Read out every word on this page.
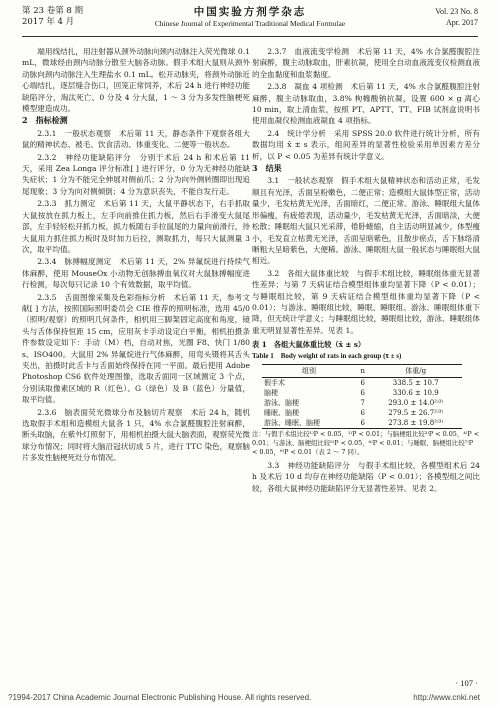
第 23 卷第 8 期
2017 年 4 月
中国实验方剂学杂志
Chinese Journal of Experimental Traditional Medical Formulae
Vol. 23 No. 8
Apr. 2017

端用线结扎，用注射器从颈外动脉向颈内动脉注入荧光微球 0.1 mL，微球经由颈内动脉分散至大脑各动脉。假手术组大鼠则从颈外动脉向颈内动脉注入生理盐水 0.1 mL。松开动脉夹，将颈外动脉近心端结扎，逐层缝合伤口，回笼正常饲养，术后 24 h 进行神经功能缺陷评分，淘汰死亡、0 分及 4 分大鼠，1 ～ 3 分为多发性脑梗死模型建造成功。

2　指标检测

2.3.1　一般状态观察　术后第 11 天，静态条件下观察各组大鼠的精神状态、被毛、饮食活动、体重变化、二便等一般状态。

2.3.2　神经功能缺陷评分　分别于术后 24 h 和术后第 11 天，采用 Zea Longa 评分标准[ ] 进行评分，0 分为无神经功能缺失症状；1 分为不能完全伸展对侧前爪；2 分为向外侧转圈即出现追尾现象；3 分为向对侧倾倒；4 分为意识丧失，不能自发行走。

2.3.3　抓力测定　术后第 11 天，大鼠平静状态下，右手抓取大鼠按放在抓力板上，左手向前推住抓力板，然后右手滑变大鼠尾部，左手轻轻松开抓力板，抓力板随右手拉鼠尾的力量向前滑行，待大鼠用力抓住抓力板时及时加力后拉，测取抓力，每只大鼠测量 3 次，取平均值。

2.3.4　脉搏幅度测定　术后第 11 天，2% 异氟烷进行持续气体麻醉，使用 MouseOx 小动物无创脉搏血氧仪对大鼠脉搏幅度进行检测，每次每只记录 10 个有效数据，取平均值。

2.3.5　舌面图像采集及色彩指标分析　术后第 11 天，参考文献[ ] 方法，按照国际照明委员会 CIE 推荐的照明标准，选用 45/0（照明/观察）的照明几何条件，相机用三脚架固定高度和角度，镜头与舌体保持恒距 15 cm，应用灰卡手动设定白平衡，相机拍摄条件参数设定如下：手动（M）档，自动对焦，光圈 F8、快门 1/80 s、ISO400。大鼠用 2% 异氟烷进行气体麻醉，用弯头镊将其舌头夹出，拍摄时此舌卡与舌面始终保持在同一平面。最后使用 Adobe Photoshop CS6 软件处理图像，选取舌面同一区域测定 3 个点，分别读取像素区域的 R（红色）、G（绿色）及 B（蓝色）分量值，取平均值。

2.3.6　脑表面荧光微球分布及脑切片观察　术后 24 h，随机选取假手术组和造模组大鼠各 1 只，4% 水合氯醛腹腔注射麻醉，断头取脑，在紫外灯照射下，用相机拍摄大鼠大脑表面，观察荧光微球分布情况；同时将大脑沿冠状切成 5 片，进行 TTC 染色，观察脑片多发性脑梗死灶分布情况。

2.3.7　血液流变学检测　术后第 11 天，4% 水合氯醛腹腔注射麻醉，腹主动脉取血，肝素抗凝，使用全自动血液流变仪检测血液的全血黏度和血浆黏度。

2.3.8　凝血 4 项检测　术后第 11 天，4% 水合氯醛腹腔注射麻醉，腹主动脉取血，3.8% 枸橼酸钠抗凝，设置 600 × g 离心 10 min，取上清血浆，按照 PT、APTT、TT、FIB 试剂盒说明书使用血凝仪检测血液凝血 4 项指标。

2.4　统计学分析　采用 SPSS 20.0 软件进行统计分析，所有数据均用 x̄ ± s 表示，组间差异的显著性检验采用单因素方差分析，以 P < 0.05 为差异有统计学意义。

3　结果

3.1　一般状态观察　假手术组大鼠精神状态和活动正常，毛发顺且有光泽，舌面呈粉嫩色，二便正常；造模组大鼠体型正常，活动量少，毛发枯黄无光泽，舌面暗红，二便正常。游泳、睡眠组大鼠体形偏瘦，有疲倦表现，活动量少，毛发枯黄无光泽，舌面暗淡，大便松散；睡眠组大鼠只光采滞，倦卧蜷缩，自主活动明显减少，体型瘦小，毛发直立枯黄无光泽，舌面呈暗紫色，且散步瘀点，舌下脉络清晰粗大呈暗紫色，大便稀。游泳、睡眠组大鼠一般状态与睡眠组大鼠相近。

3.2　各组大鼠体重比较　与假手术组比较，睡眠组体重无显著性差异；与第 7 天病证结合模型组体重均显著下降（P < 0.01）；与睡眠组比较，第 9 天病证结合模型组体重均显著下降（P < 0.01）；与游泳、睡眠组比较，睡眠、睡眠组、游泳、睡眠组体重下降，但无统计学意义；与睡眠组比较，睡眠组比较，游泳、睡眠组体重无明显显著性差异。见表 1。

表 1　各组大鼠体重比较（x̄ ± s）
Table 1　Body weight of rats in each group (x̄ ± s)
组别	n	体重/g
假手术	6	338.5 ± 10.7
脑梗	6	330.6 ± 10.9
游泳、脑梗	7	293.0 ± 14.0²⁾³⁾
睡眠、脑梗	6	279.5 ± 26.7²⁾³⁾
游泳、睡眠、脑梗	6	273.8 ± 19.8²⁾³⁾
注：与假手术组比较¹⁾P < 0.05，²⁾P < 0.01；与脑梗组比较³⁾P < 0.05，⁴⁾P < 0.01；与游泳、脑梗组比较⁵⁾P < 0.05，⁶⁾P < 0.01；与睡眠、脑梗组比较⁷⁾P < 0.05，⁸⁾P < 0.01（表 2 ～ 7 同）。

3.3　神经功能缺陷评分　与假手术组比较，各模型组术后 24 h 及术后 10 d 均存在神经功能缺陷（P < 0.01）；各模型组之间比较，各组大鼠神经功能缺陷评分无显著性差异。见表 2。

· 107 ·
?1994-2017 China Academic Journal Electronic Publishing House. All rights reserved.	http://www.cnki.net
